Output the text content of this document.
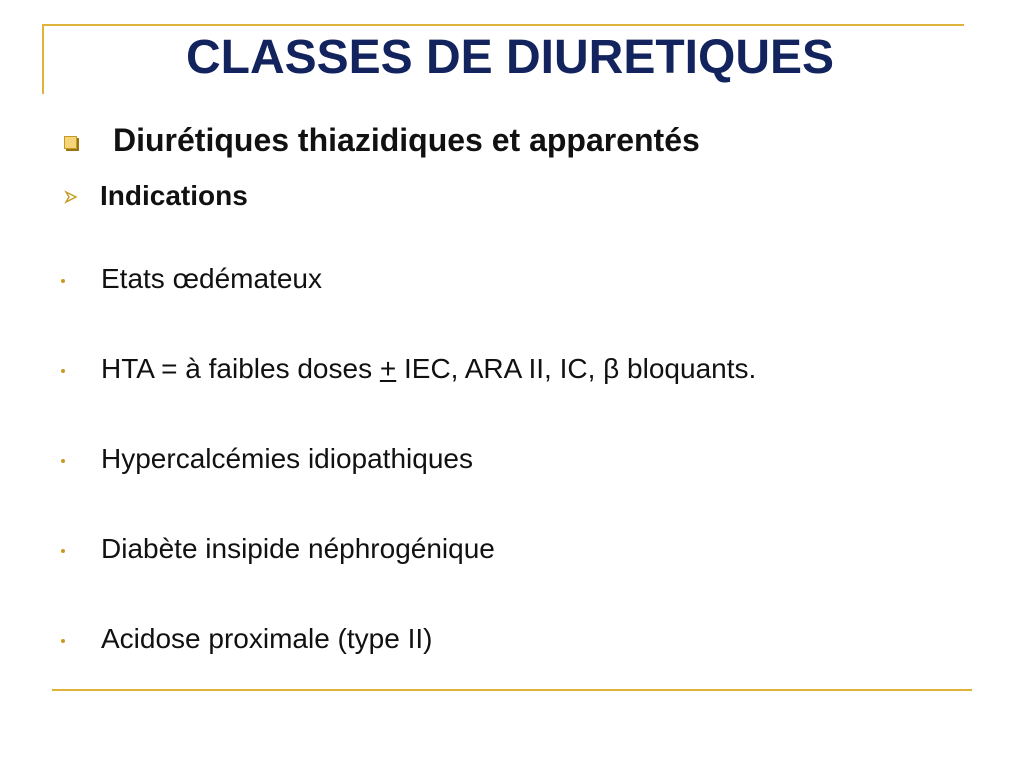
CLASSES DE DIURETIQUES
Diurétiques thiazidiques et apparentés
Indications
Etats œdémateux
HTA = à faibles doses + IEC, ARA II, IC, β bloquants.
Hypercalcémies idiopathiques
Diabète insipide néphrogénique
Acidose proximale (type II)
